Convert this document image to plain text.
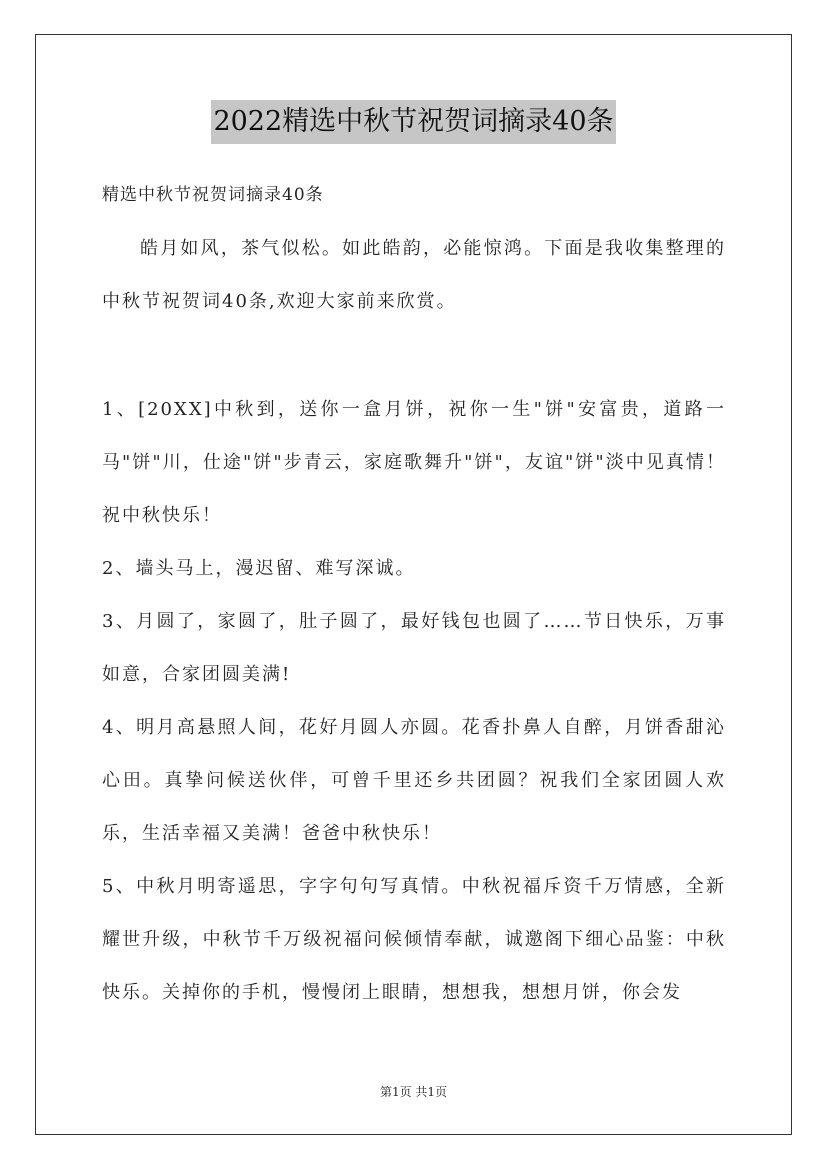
2022精选中秋节祝贺词摘录40条

精选中秋节祝贺词摘录40条

皓月如风，茶气似松。如此皓韵，必能惊鸿。下面是我收集整理的中秋节祝贺词40条,欢迎大家前来欣赏。

1、[20XX]中秋到，送你一盒月饼，祝你一生"饼"安富贵，道路一马"饼"川，仕途"饼"步青云，家庭歌舞升"饼"，友谊"饼"淡中见真情！祝中秋快乐！
2、墙头马上，漫迟留、难写深诚。
3、月圆了，家圆了，肚子圆了，最好钱包也圆了……节日快乐，万事如意，合家团圆美满!
4、明月高悬照人间，花好月圆人亦圆。花香扑鼻人自醉，月饼香甜沁心田。真挚问候送伙伴，可曾千里还乡共团圆？祝我们全家团圆人欢乐，生活幸福又美满！爸爸中秋快乐！
5、中秋月明寄遥思，字字句句写真情。中秋祝福斥资千万情感，全新耀世升级，中秋节千万级祝福问候倾情奉献，诚邀阁下细心品鉴：中秋快乐。关掉你的手机，慢慢闭上眼睛，想想我，想想月饼，你会发
第1页 共1页
